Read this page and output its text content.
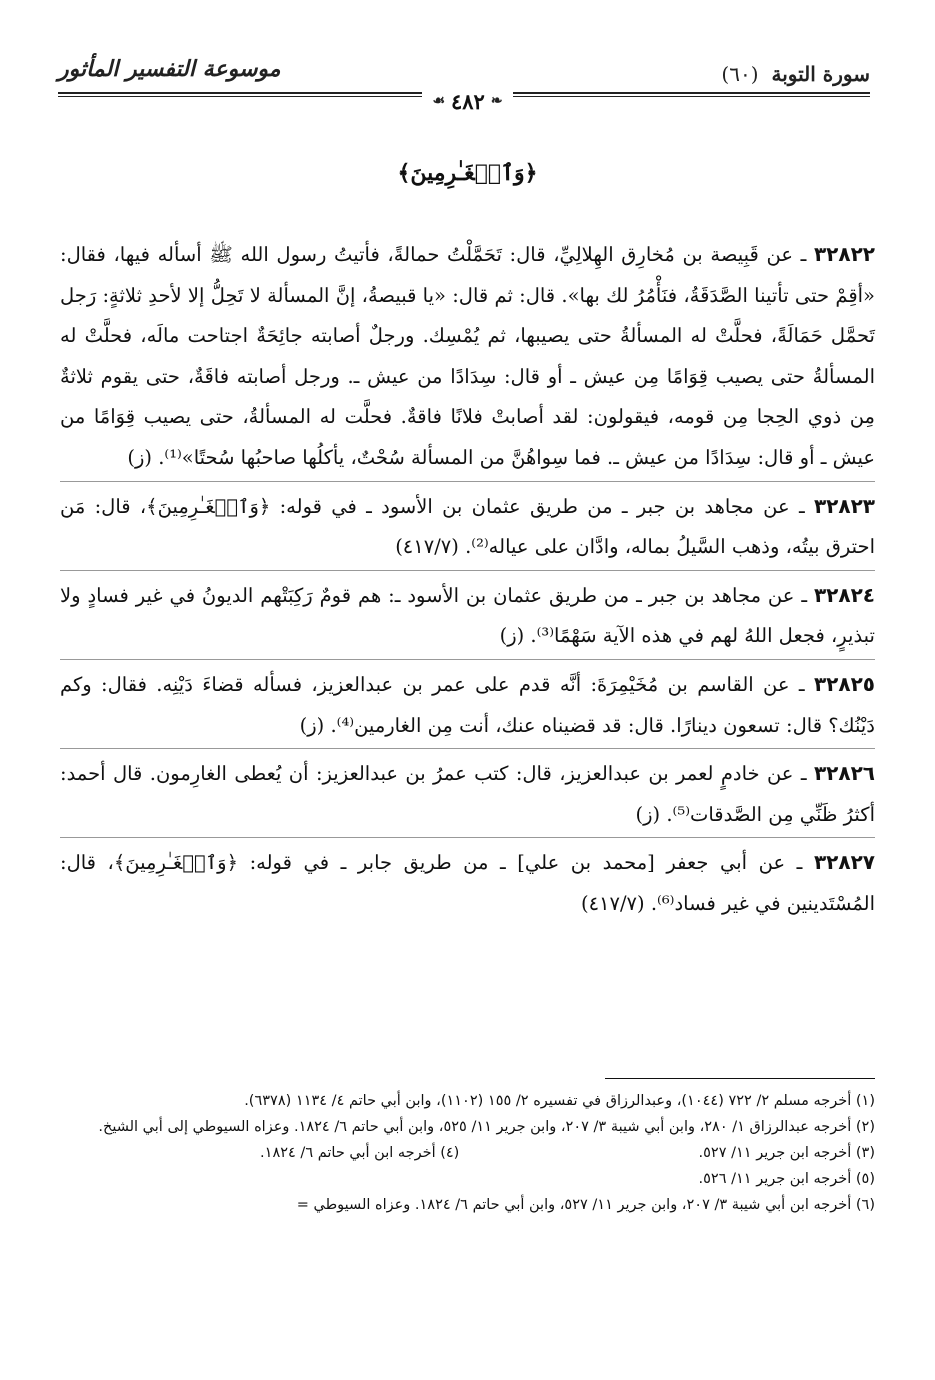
سورة التوبة (٦٠)
موسوعة التفسير المأثور
❧
٤٨٢
☙
﴿وَٱلۡغَـٰرِمِینَ﴾

٣٢٨٢٢ ـ عن قَبِيصة بن مُخارِق الهِلالِيِّ، قال: تَحَمَّلْتُ حمالةً، فأتيتُ رسول الله ﷺ أسأله فيها، فقال: «أقِمْ حتى تأتينا الصَّدَقَةُ، فنَأْمُرُ لك بها». قال: ثم قال: «يا قبيصةُ، إنَّ المسألة لا تَحِلُّ إلا لأحدِ ثلاثةٍ: رَجل تَحمَّل حَمَالَةً، فحلَّتْ له المسألةُ حتى يصيبها، ثم يُمْسِك. ورجلٌ أصابته جائِحَةٌ اجتاحت مالَه، فحلَّتْ له المسألةُ حتى يصيب قِوَامًا مِن عيش ـ أو قال: سِدَادًا من عيش ـ. ورجل أصابته فاقَةٌ، حتى يقوم ثلاثةٌ مِن ذوي الحِجا مِن قومه، فيقولون: لقد أصابتْ فلانًا فاقةٌ. فحلَّت له المسألةُ، حتى يصيب قِوَامًا من عيش ـ أو قال: سِدَادًا من عيش ـ. فما سِواهُنَّ من المسألة سُحْتٌ، يأكلُها صاحبُها سُحتًا»⁽¹⁾. (ز)

٣٢٨٢٣ ـ عن مجاهد بن جبر ـ من طريق عثمان بن الأسود ـ في قوله: ﴿وَٱلۡغَـٰرِمِینَ﴾، قال: مَن احترق بيتُه، وذهب السَّيلُ بماله، وادَّان على عياله⁽²⁾. (٤١٧/٧)

٣٢٨٢٤ ـ عن مجاهد بن جبر ـ من طريق عثمان بن الأسود ـ: هم قومٌ رَكِبَتْهم الديونُ في غير فسادٍ ولا تبذيرٍ، فجعل اللهُ لهم في هذه الآية سَهْمًا⁽³⁾. (ز)

٣٢٨٢٥ ـ عن القاسم بن مُخَيْمِرَةَ: أنَّه قدم على عمر بن عبدالعزيز، فسأله قضاءَ دَيْنِه. فقال: وكم دَيْنُك؟ قال: تسعون دينارًا. قال: قد قضيناه عنك، أنت مِن الغارمين⁽⁴⁾. (ز)

٣٢٨٢٦ ـ عن خادمٍ لعمر بن عبدالعزيز، قال: كتب عمرُ بن عبدالعزيز: أن يُعطى الغارِمون. قال أحمد: أكثرُ ظَنِّي مِن الصَّدقات⁽⁵⁾. (ز)

٣٢٨٢٧ ـ عن أبي جعفر [محمد بن علي] ـ من طريق جابر ـ في قوله: ﴿وَٱلۡغَـٰرِمِینَ﴾، قال: المُسْتَدينين في غير فساد⁽⁶⁾. (٤١٧/٧)

(١) أخرجه مسلم ٢/ ٧٢٢ (١٠٤٤)، وعبدالرزاق في تفسيره ٢/ ١٥٥ (١١٠٢)، وابن أبي حاتم ٤/ ١١٣٤ (٦٣٧٨).

(٢) أخرجه عبدالرزاق ١/ ٢٨٠، وابن أبي شيبة ٣/ ٢٠٧، وابن جرير ١١/ ٥٢٥، وابن أبي حاتم ٦/ ١٨٢٤. وعزاه السيوطي إلى أبي الشيخ.

(٣) أخرجه ابن جرير ١١/ ٥٢٧.

(٤) أخرجه ابن أبي حاتم ٦/ ١٨٢٤.

(٥) أخرجه ابن جرير ١١/ ٥٢٦.

(٦) أخرجه ابن أبي شيبة ٣/ ٢٠٧، وابن جرير ١١/ ٥٢٧، وابن أبي حاتم ٦/ ١٨٢٤. وعزاه السيوطي =
